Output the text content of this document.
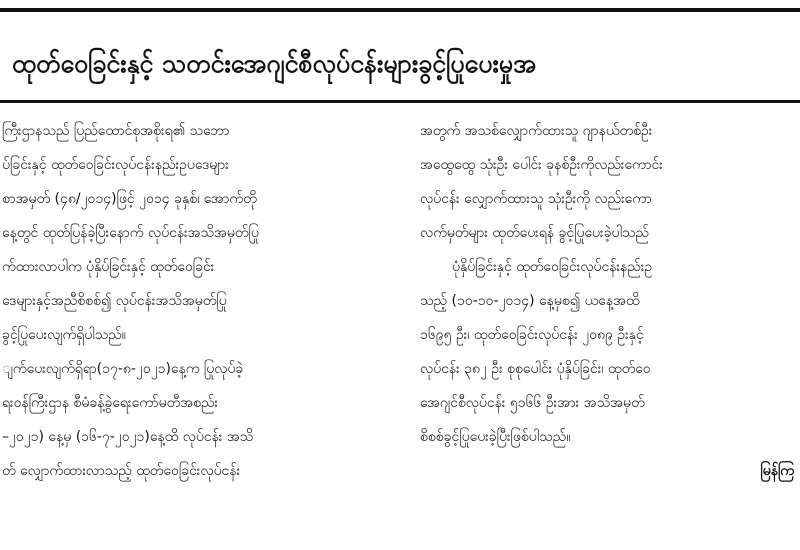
ထုတ်ဝေခြင်းနှင့် သတင်းအေဂျင်စီလုပ်ငန်းများခွင့်ပြုပေးမှုအ
ကြီးဌာနသည် ပြည်ထောင်စုအစိုးရ၏ သဘော
ပ်ခြင်းနှင့် ထုတ်ဝေခြင်းလုပ်ငန်းနည်းဥပဒေများ
စာအမှတ် (၄၈/၂၀၁၄)ဖြင့် ၂၀၁၄ ခုနှစ်၊ အောက်တို
နေ့တွင် ထုတ်ပြန်ခဲ့ပြီးနောက် လုပ်ငန်းအသိအမှတ်ပြု
က်ထားလာပါက ပုံနှိပ်ခြင်းနှင့် ထုတ်ဝေခြင်း
ဒေများနှင့်အညီစိစစ်၍ လုပ်ငန်းအသိအမှတ်ပြု
ခွင့်ပြုပေးလျက်ရှိပါသည်။
ျက်ပေးလျက်ရှိရာ(၁၇-၈-၂၀၂၁)နေ့က ပြုလုပ်ခဲ့
ရးဝန်ကြီးဌာန စီမံခန့်ခွဲရေးကော်မတီအစည်း
–၂၀၂၁) နေ့မှ (၁၆-၇-၂၀၂၁)နေ့ထိ လုပ်ငန်း အသိ
တ် လျှောက်ထားလာသည့် ထုတ်ဝေခြင်းလုပ်ငန်း
အတွက် အသစ်လျှောက်ထားသူ ဂျာနယ်တစ်ဦး
အထွေထွေ သုံးဦး ပေါင်း ခုနစ်ဦးကိုလည်းကောင်း
လုပ်ငန်း လျှောက်ထားသူ သုံးဦးကို လည်းကော
လက်မှတ်များ ထုတ်ပေးရန် ခွင့်ပြုပေးခဲ့ပါသည်
ပုံနှိပ်ခြင်းနှင့် ထုတ်ဝေခြင်းလုပ်ငန်းနည်းဥ
သည့် (၁၀-၁၀-၂၀၁၄) နေ့မှစ၍ ယနေ့အထိ
၁၆၉၅ ဦး၊ ထုတ်ဝေခြင်းလုပ်ငန်း ၂၀၈၉ ဦးနှင့်
လုပ်ငန်း ၃၈၂ ဦး စုစုပေါင်း ပုံနှိပ်ခြင်း၊ ထုတ်ဝေ
အေဂျင်စီလုပ်ငန်း ၅၁၆၆ ဦးအား အသိအမှတ်
စိစစ်ခွင့်ပြုပေးခဲ့ပြီးဖြစ်ပါသည်။
မြန်ကြ
